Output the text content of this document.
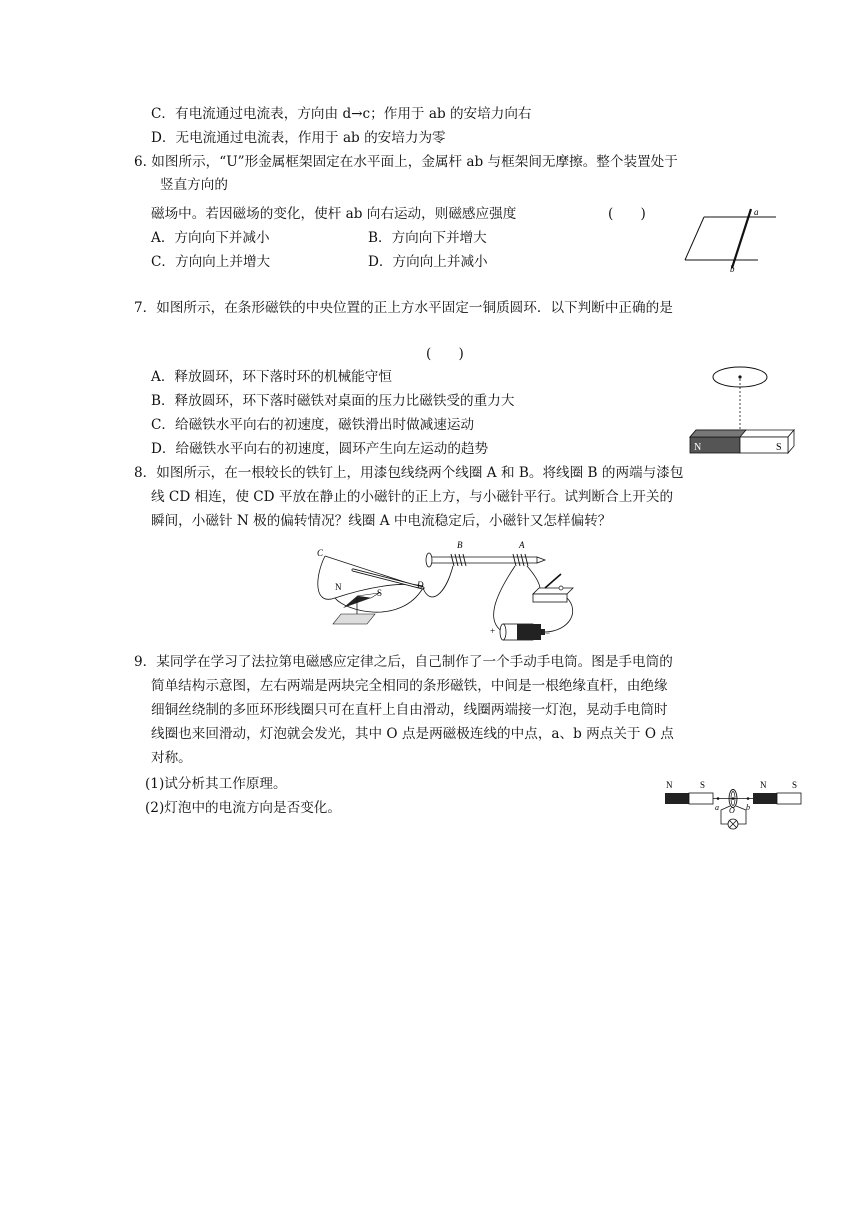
C．有电流通过电流表，方向由 d→c；作用于 ab 的安培力向右
D．无电流通过电流表，作用于 ab 的安培力为零
6. 如图所示，“U”形金属框架固定在水平面上，金属杆 ab 与框架间无摩擦。整个装置处于
竖直方向的
磁场中。若因磁场的变化，使杆 ab 向右运动，则磁感应强度	(　　)
A．方向向下并减小	B．方向向下并增大
C．方向向上并增大	D．方向向上并减小
a
b
7．如图所示，在条形磁铁的中央位置的正上方水平固定一铜质圆环．以下判断中正确的是
(　　)
A．释放圆环，环下落时环的机械能守恒
B．释放圆环，环下落时磁铁对桌面的压力比磁铁受的重力大
C．给磁铁水平向右的初速度，磁铁滑出时做减速运动
D．给磁铁水平向右的初速度，圆环产生向左运动的趋势	N	S
8．如图所示，在一根较长的铁钉上，用漆包线绕两个线圈 A 和 B。将线圈 B 的两端与漆包
线 CD 相连，使 CD 平放在静止的小磁针的正上方，与小磁针平行。试判断合上开关的
瞬间，小磁针 N 极的偏转情况？线圈 A 中电流稳定后，小磁针又怎样偏转？
C
D
N
S
B	A
+	−
9．某同学在学习了法拉第电磁感应定律之后，自己制作了一个手动手电筒。图是手电筒的
简单结构示意图，左右两端是两块完全相同的条形磁铁，中间是一根绝缘直杆，由绝缘
细铜丝绕制的多匝环形线圈只可在直杆上自由滑动，线圈两端接一灯泡，晃动手电筒时
线圈也来回滑动，灯泡就会发光，其中 O 点是两磁极连线的中点，a、b 两点关于 O 点
对称。
(1)试分析其工作原理。
(2)灯泡中的电流方向是否变化。
N	S	N	S
a O b
